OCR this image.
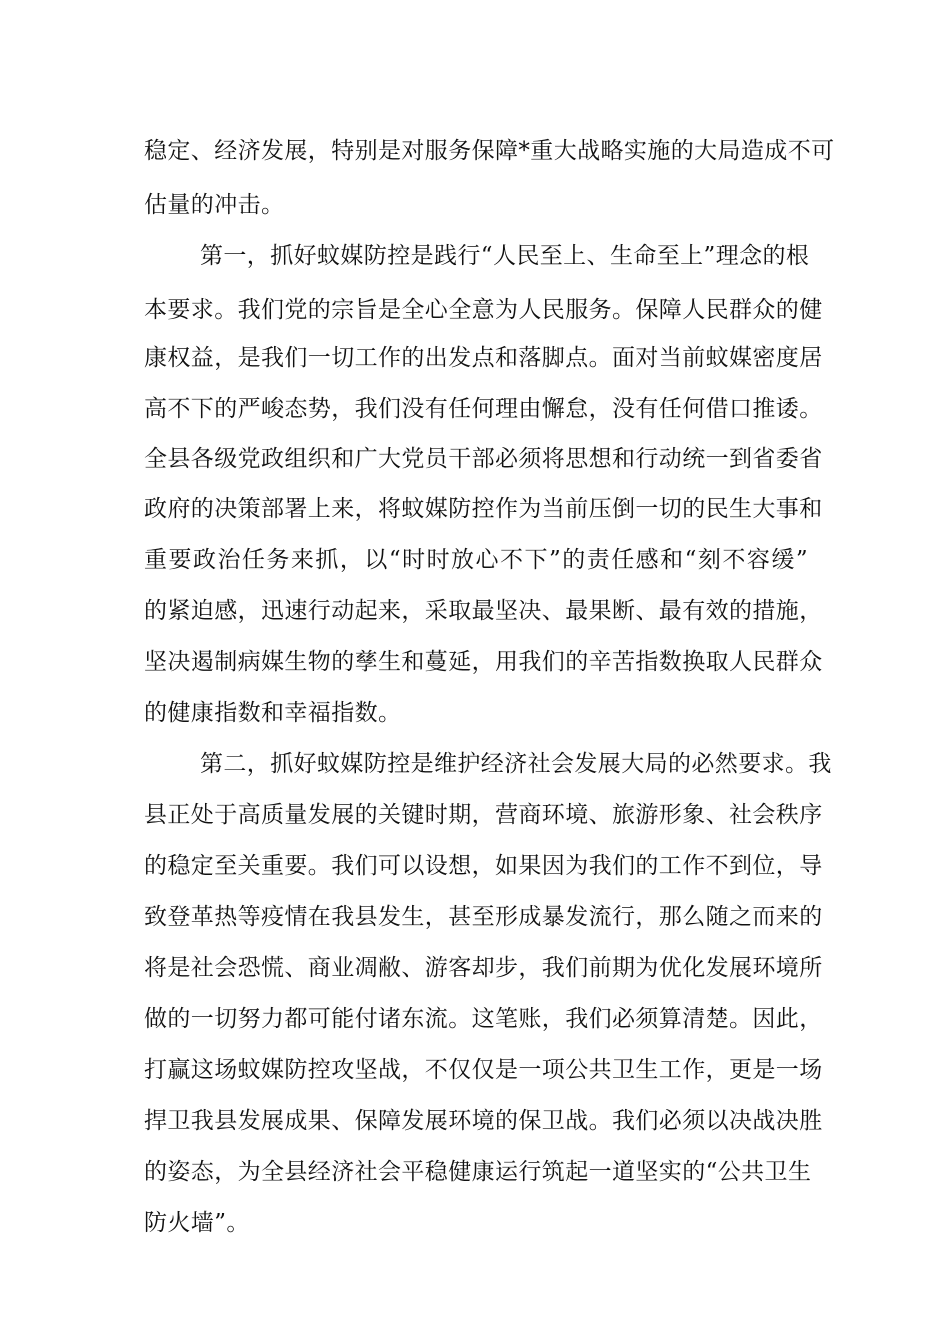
稳定、经济发展，特别是对服务保障*重大战略实施的大局造成不可
估量的冲击。
第一，抓好蚊媒防控是践行“人民至上、生命至上”理念的根
本要求。我们党的宗旨是全心全意为人民服务。保障人民群众的健
康权益，是我们一切工作的出发点和落脚点。面对当前蚊媒密度居
高不下的严峻态势，我们没有任何理由懈怠，没有任何借口推诿。
全县各级党政组织和广大党员干部必须将思想和行动统一到省委省
政府的决策部署上来，将蚊媒防控作为当前压倒一切的民生大事和
重要政治任务来抓，以“时时放心不下”的责任感和“刻不容缓”
的紧迫感，迅速行动起来，采取最坚决、最果断、最有效的措施，
坚决遏制病媒生物的孳生和蔓延，用我们的辛苦指数换取人民群众
的健康指数和幸福指数。
第二，抓好蚊媒防控是维护经济社会发展大局的必然要求。我
县正处于高质量发展的关键时期，营商环境、旅游形象、社会秩序
的稳定至关重要。我们可以设想，如果因为我们的工作不到位，导
致登革热等疫情在我县发生，甚至形成暴发流行，那么随之而来的
将是社会恐慌、商业凋敝、游客却步，我们前期为优化发展环境所
做的一切努力都可能付诸东流。这笔账，我们必须算清楚。因此，
打赢这场蚊媒防控攻坚战，不仅仅是一项公共卫生工作，更是一场
捍卫我县发展成果、保障发展环境的保卫战。我们必须以决战决胜
的姿态，为全县经济社会平稳健康运行筑起一道坚实的“公共卫生
防火墙”。
